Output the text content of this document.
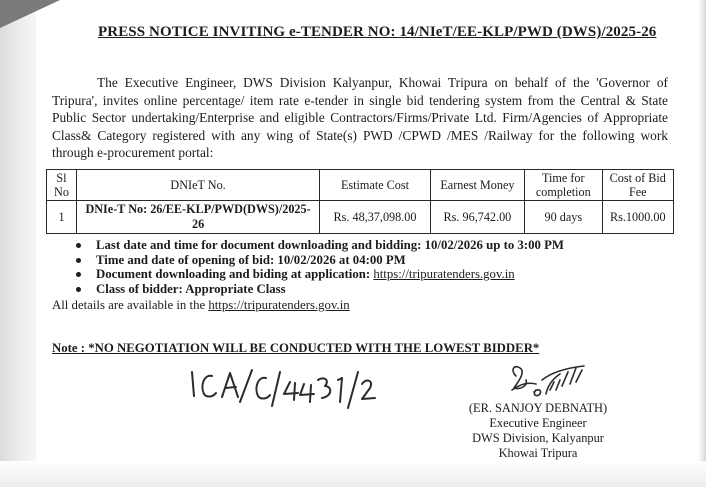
PRESS NOTICE INVITING e-TENDER NO: 14/NIeT/EE-KLP/PWD (DWS)/2025-26
The Executive Engineer, DWS Division Kalyanpur, Khowai Tripura on behalf of the 'Governor of Tripura', invites online percentage/ item rate e-tender in single bid tendering system from the Central & State Public Sector undertaking/Enterprise and eligible Contractors/Firms/Private Ltd. Firm/Agencies of Appropriate Class& Category registered with any wing of State(s) PWD /CPWD /MES /Railway for the following work through e-procurement portal:
Sl No	DNIeT No.	Estimate Cost	Earnest Money	Time for completion	Cost of Bid Fee
1	DNIe-T No: 26/EE-KLP/PWD(DWS)/2025-26	Rs. 48,37,098.00	Rs. 96,742.00	90 days	Rs.1000.00
Last date and time for document downloading and bidding: 10/02/2026 up to 3:00 PM
Time and date of opening of bid: 10/02/2026 at 04:00 PM
Document downloading and biding at application: https://tripuratenders.gov.in
Class of bidder: Appropriate Class
All details are available in the https://tripuratenders.gov.in
Note : *NO NEGOTIATION WILL BE CONDUCTED WITH THE LOWEST BIDDER*
(ER. SANJOY DEBNATH)
Executive Engineer
DWS Division, Kalyanpur
Khowai Tripura
